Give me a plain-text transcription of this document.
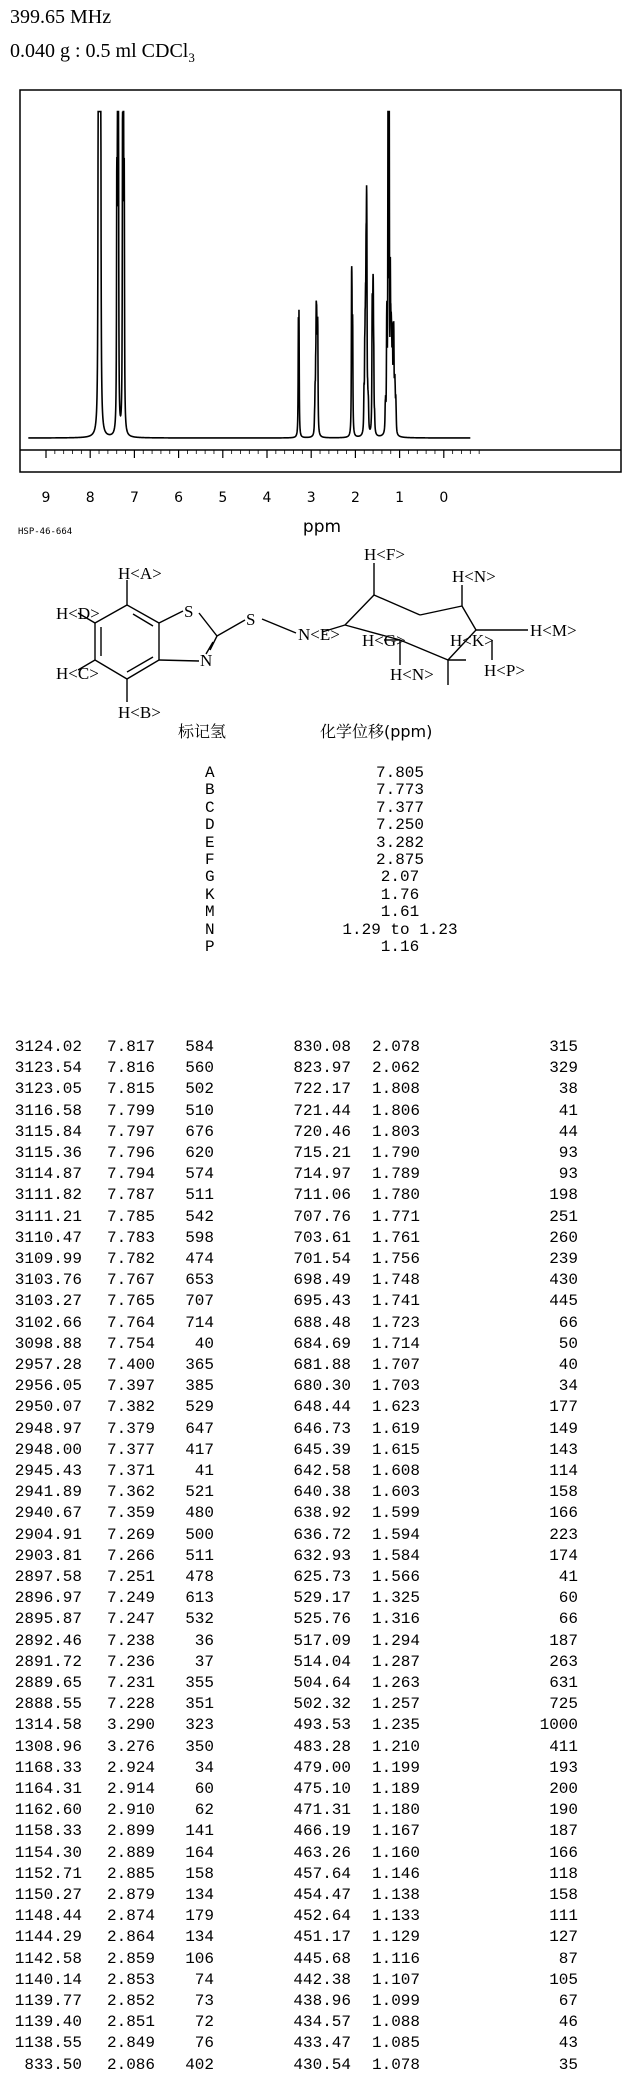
399.65 MHz
0.040 g : 0.5 ml CDCl$_3$
9	8	7	6	5	4	3	2	1	0
ppm
HSP-46-664
H<A>
H<D>
H<C>
H<B>
S	S
N
N<E>
H<F>
H<N>
H<G>	H<K>
H<M>
H<N>	H<P>
标记氢	化学位移(ppm)
A	7.805
B	7.773
C	7.377
D	7.250
E	3.282
F	2.875
G	2.07
K	1.76
M	1.61
N	1.29 to 1.23
P	1.16
3124.02 7.817 584	830.08 2.078	315
3123.54 7.816 560	823.97 2.062	329
3123.05 7.815 502	722.17 1.808	38
3116.58 7.799 510	721.44 1.806	41
3115.84 7.797 676	720.46 1.803	44
3115.36 7.796 620	715.21 1.790	93
3114.87 7.794 574	714.97 1.789	93
3111.82 7.787 511	711.06 1.780	198
3111.21 7.785 542	707.76 1.771	251
3110.47 7.783 598	703.61 1.761	260
3109.99 7.782 474	701.54 1.756	239
3103.76 7.767 653	698.49 1.748	430
3103.27 7.765 707	695.43 1.741	445
3102.66 7.764 714	688.48 1.723	66
3098.88 7.754 40	684.69 1.714	50
2957.28 7.400 365	681.88 1.707	40
2956.05 7.397 385	680.30 1.703	34
2950.07 7.382 529	648.44 1.623	177
2948.97 7.379 647	646.73 1.619	149
2948.00 7.377 417	645.39 1.615	143
2945.43 7.371 41	642.58 1.608	114
2941.89 7.362 521	640.38 1.603	158
2940.67 7.359 480	638.92 1.599	166
2904.91 7.269 500	636.72 1.594	223
2903.81 7.266 511	632.93 1.584	174
2897.58 7.251 478	625.73 1.566	41
2896.97 7.249 613	529.17 1.325	60
2895.87 7.247 532	525.76 1.316	66
2892.46 7.238 36	517.09 1.294	187
2891.72 7.236 37	514.04 1.287	263
2889.65 7.231 355	504.64 1.263	631
2888.55 7.228 351	502.32 1.257	725
1314.58 3.290 323	493.53 1.235	1000
1308.96 3.276 350	483.28 1.210	411
1168.33 2.924 34	479.00 1.199	193
1164.31 2.914 60	475.10 1.189	200
1162.60 2.910 62	471.31 1.180	190
1158.33 2.899 141	466.19 1.167	187
1154.30 2.889 164	463.26 1.160	166
1152.71 2.885 158	457.64 1.146	118
1150.27 2.879 134	454.47 1.138	158
1148.44 2.874 179	452.64 1.133	111
1144.29 2.864 134	451.17 1.129	127
1142.58 2.859 106	445.68 1.116	87
1140.14 2.853 74	442.38 1.107	105
1139.77 2.852 73	438.96 1.099	67
1139.40 2.851 72	434.57 1.088	46
1138.55 2.849 76	433.47 1.085	43
833.50 2.086 402	430.54 1.078	35
